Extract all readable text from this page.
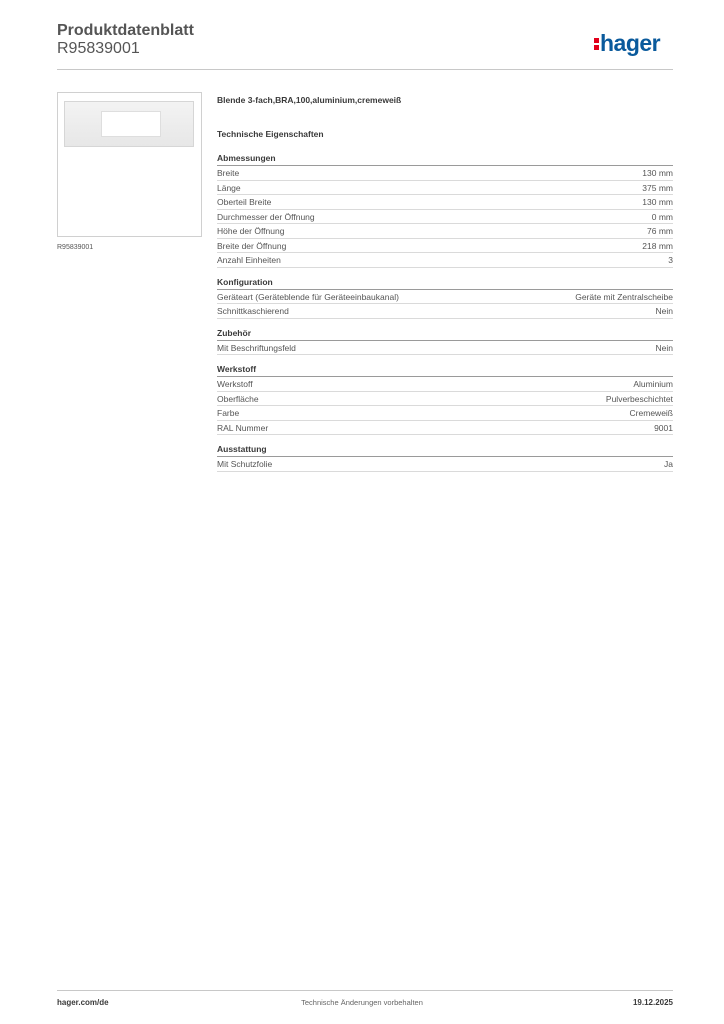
Produktdatenblatt
R95839001	hager
R95839001
Blende 3-fach,BRA,100,aluminium,cremeweiß
Technische Eigenschaften
Abmessungen
Breite	130 mm
Länge	375 mm
Oberteil Breite	130 mm
Durchmesser der Öffnung	0 mm
Höhe der Öffnung	76 mm
Breite der Öffnung	218 mm
Anzahl Einheiten	3
Konfiguration
Geräteart (Geräteblende für Geräteeinbaukanal)	Geräte mit Zentralscheibe
Schnittkaschierend	Nein
Zubehör
Mit Beschriftungsfeld	Nein
Werkstoff
Werkstoff	Aluminium
Oberfläche	Pulverbeschichtet
Farbe	Cremeweiß
RAL Nummer	9001
Ausstattung
Mit Schutzfolie	Ja
hager.com/de	Technische Änderungen vorbehalten	19.12.2025
